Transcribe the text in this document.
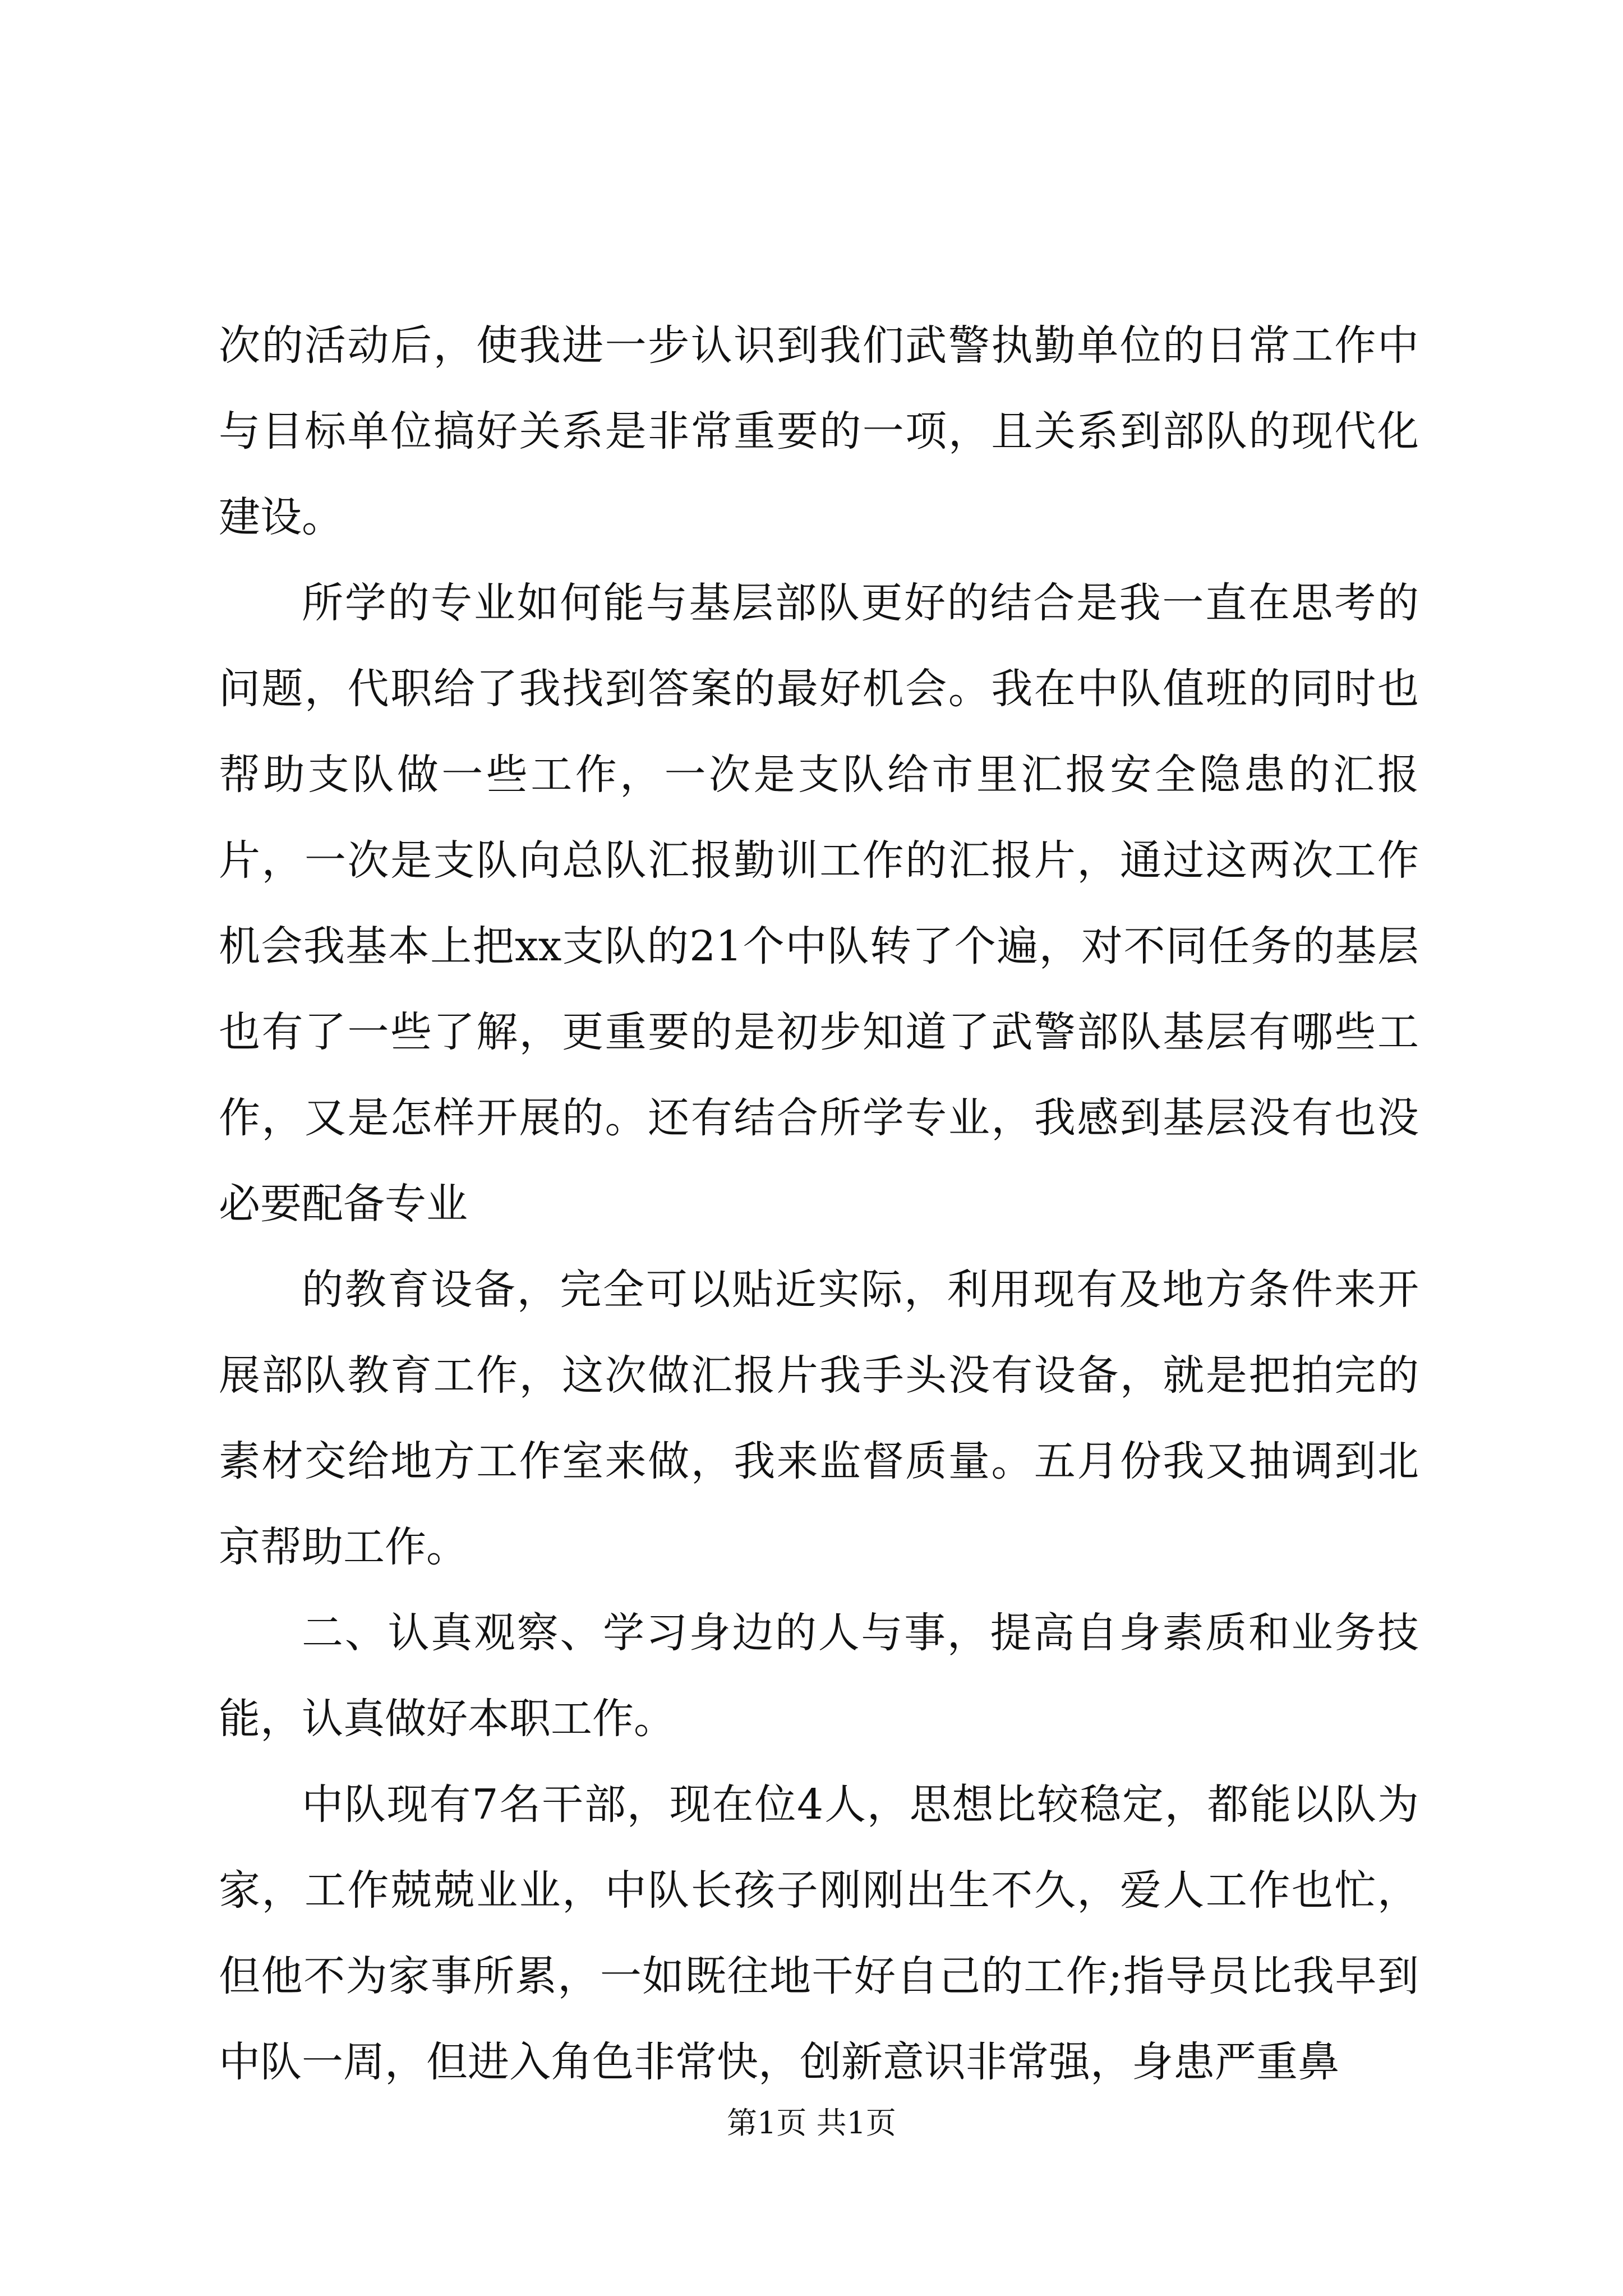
次的活动后，使我进一步认识到我们武警执勤单位的日常工作中与目标单位搞好关系是非常重要的一项，且关系到部队的现代化建设。

所学的专业如何能与基层部队更好的结合是我一直在思考的问题，代职给了我找到答案的最好机会。我在中队值班的同时也帮助支队做一些工作，一次是支队给市里汇报安全隐患的汇报片，一次是支队向总队汇报勤训工作的汇报片，通过这两次工作机会我基本上把xx支队的21个中队转了个遍，对不同任务的基层也有了一些了解，更重要的是初步知道了武警部队基层有哪些工作，又是怎样开展的。还有结合所学专业，我感到基层没有也没必要配备专业

的教育设备，完全可以贴近实际，利用现有及地方条件来开展部队教育工作，这次做汇报片我手头没有设备，就是把拍完的素材交给地方工作室来做，我来监督质量。五月份我又抽调到北京帮助工作。

二、认真观察、学习身边的人与事，提高自身素质和业务技能，认真做好本职工作。

中队现有7名干部，现在位4人，思想比较稳定，都能以队为家，工作兢兢业业，中队长孩子刚刚出生不久，爱人工作也忙，但他不为家事所累，一如既往地干好自己的工作;指导员比我早到中队一周，但进入角色非常快，创新意识非常强，身患严重鼻

第1页 共1页
